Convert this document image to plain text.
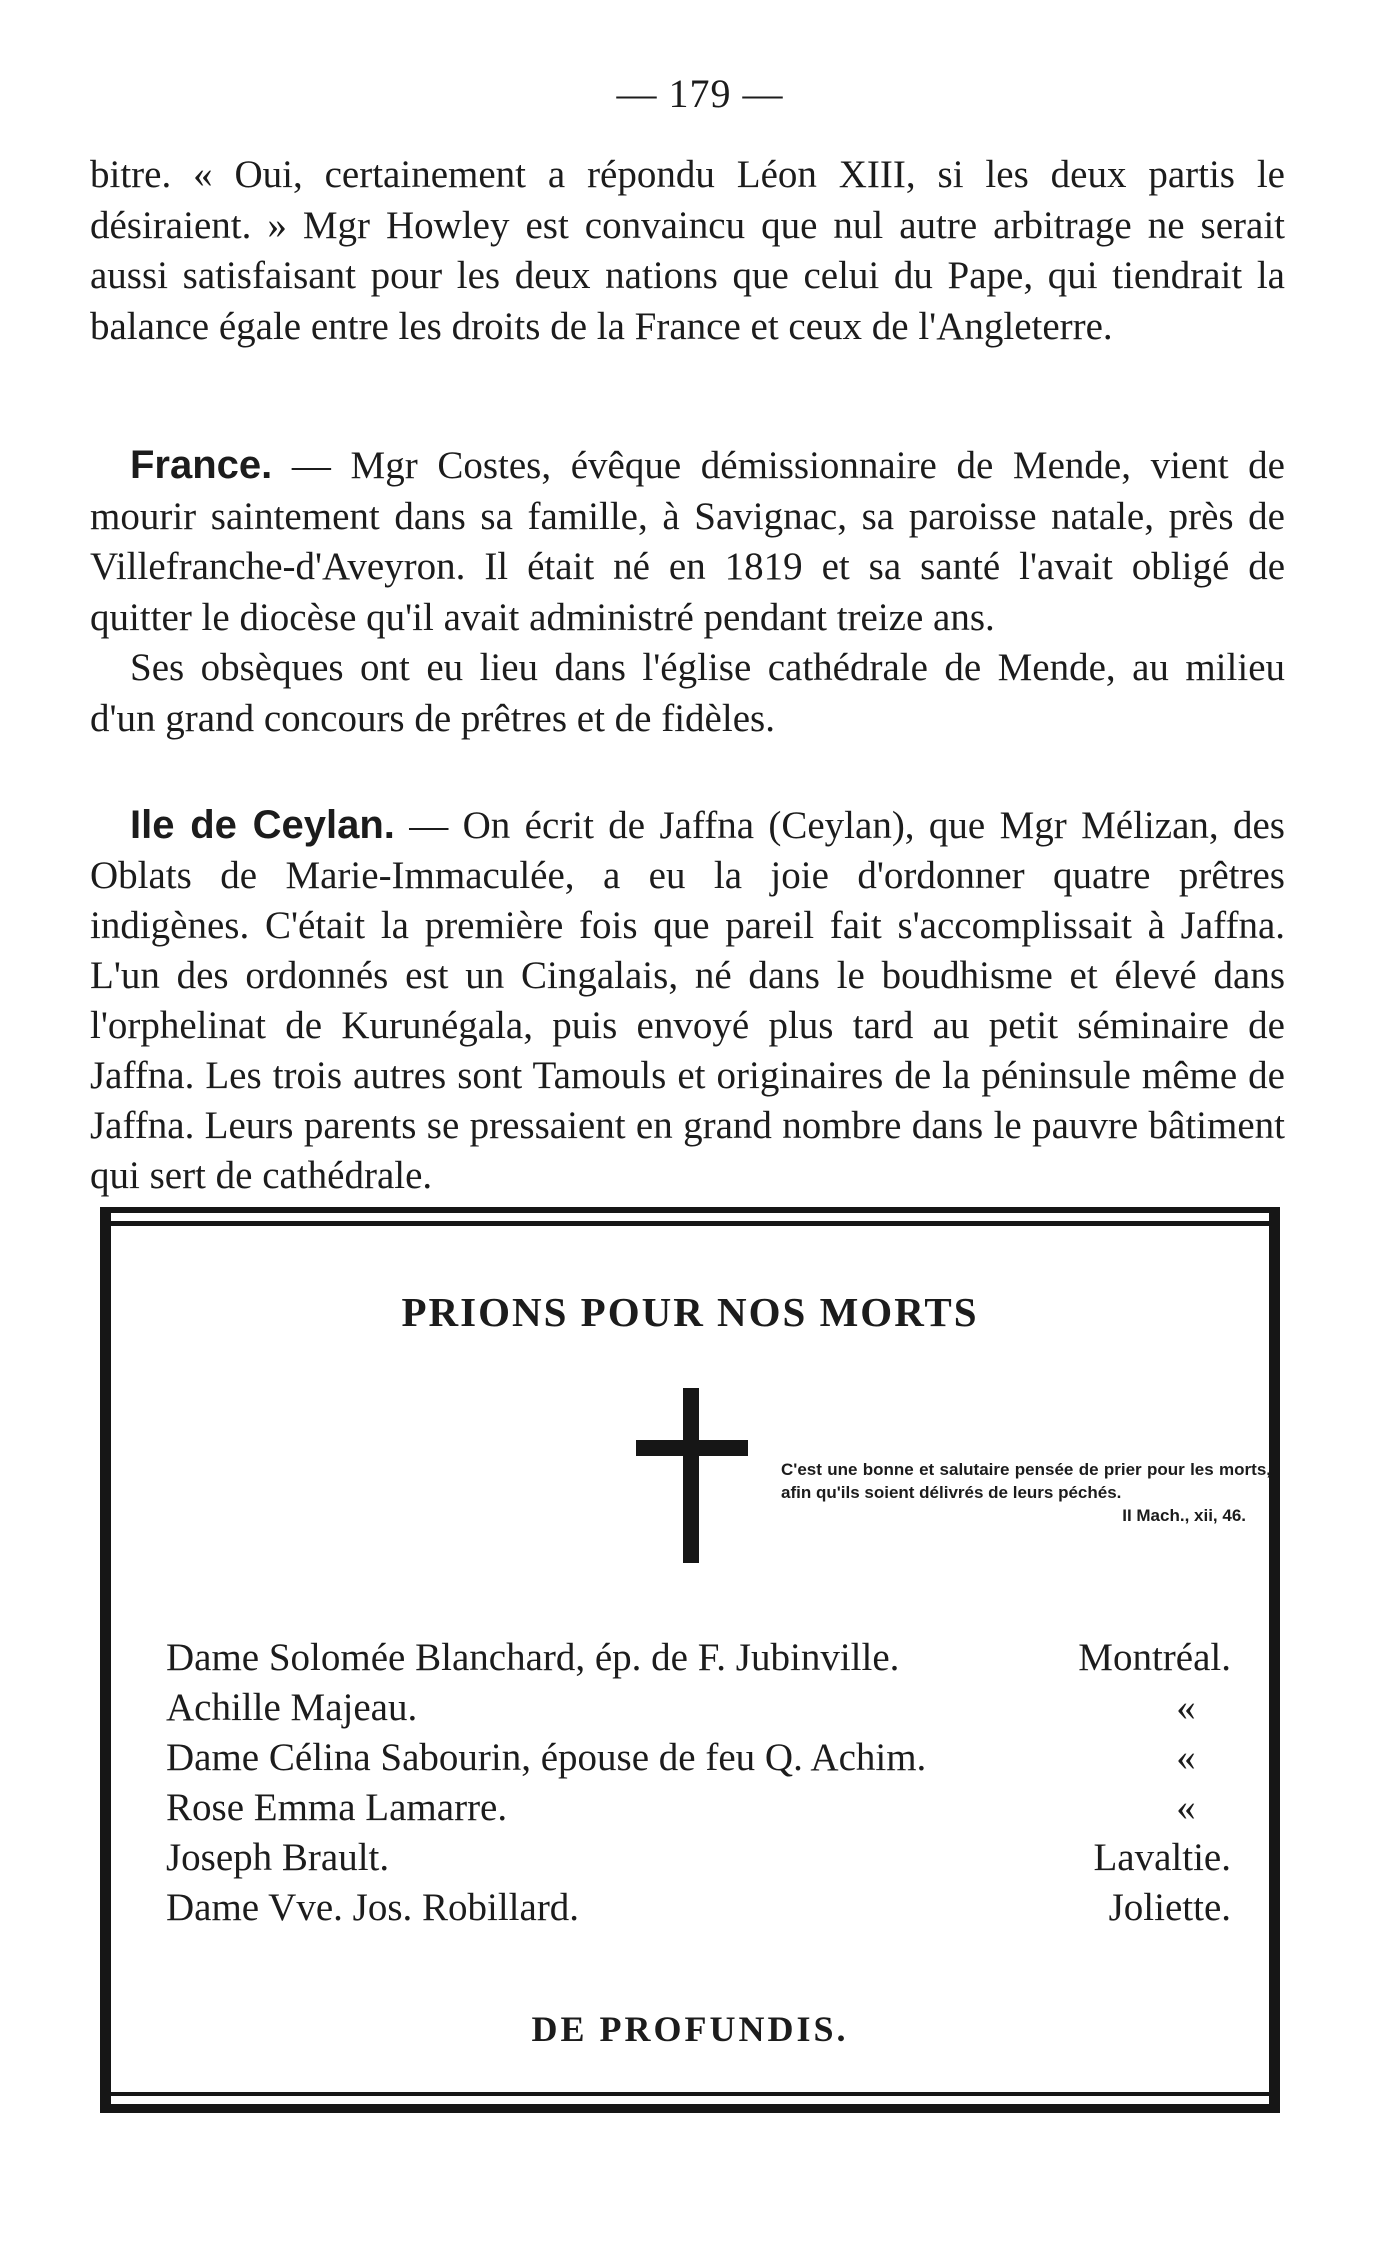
— 179 —

bitre. « Oui, certainement a répondu Léon XIII, si les deux partis le désiraient. » Mgr Howley est convaincu que nul autre arbitrage ne serait aussi satisfaisant pour les deux nations que celui du Pape, qui tiendrait la balance égale entre les droits de la France et ceux de l'Angleterre.

France. — Mgr Costes, évêque démissionnaire de Mende, vient de mourir saintement dans sa famille, à Savignac, sa paroisse natale, près de Villefranche-d'Aveyron. Il était né en 1819 et sa santé l'avait obligé de quitter le diocèse qu'il avait administré pendant treize ans.

Ses obsèques ont eu lieu dans l'église cathédrale de Mende, au milieu d'un grand concours de prêtres et de fidèles.

Ile de Ceylan. — On écrit de Jaffna (Ceylan), que Mgr Mélizan, des Oblats de Marie-Immaculée, a eu la joie d'ordonner quatre prêtres indigènes. C'était la première fois que pareil fait s'accomplissait à Jaffna. L'un des ordonnés est un Cingalais, né dans le boudhisme et élevé dans l'orphelinat de Kurunégala, puis envoyé plus tard au petit séminaire de Jaffna. Les trois autres sont Tamouls et originaires de la péninsule même de Jaffna. Leurs parents se pressaient en grand nombre dans le pauvre bâtiment qui sert de cathédrale.

PRIONS POUR NOS MORTS
C'est une bonne et salutaire pensée de prier pour les morts, afin qu'ils soient délivrés de leurs péchés.
II Mach., xii, 46.
Dame Solomée Blanchard, ép. de F. Jubinville.	Montréal.
Achille Majeau.	«
Dame Célina Sabourin, épouse de feu Q. Achim.	«
Rose Emma Lamarre.	«
Joseph Brault.	Lavaltie.
Dame Vve. Jos. Robillard.	Joliette.
DE PROFUNDIS.
